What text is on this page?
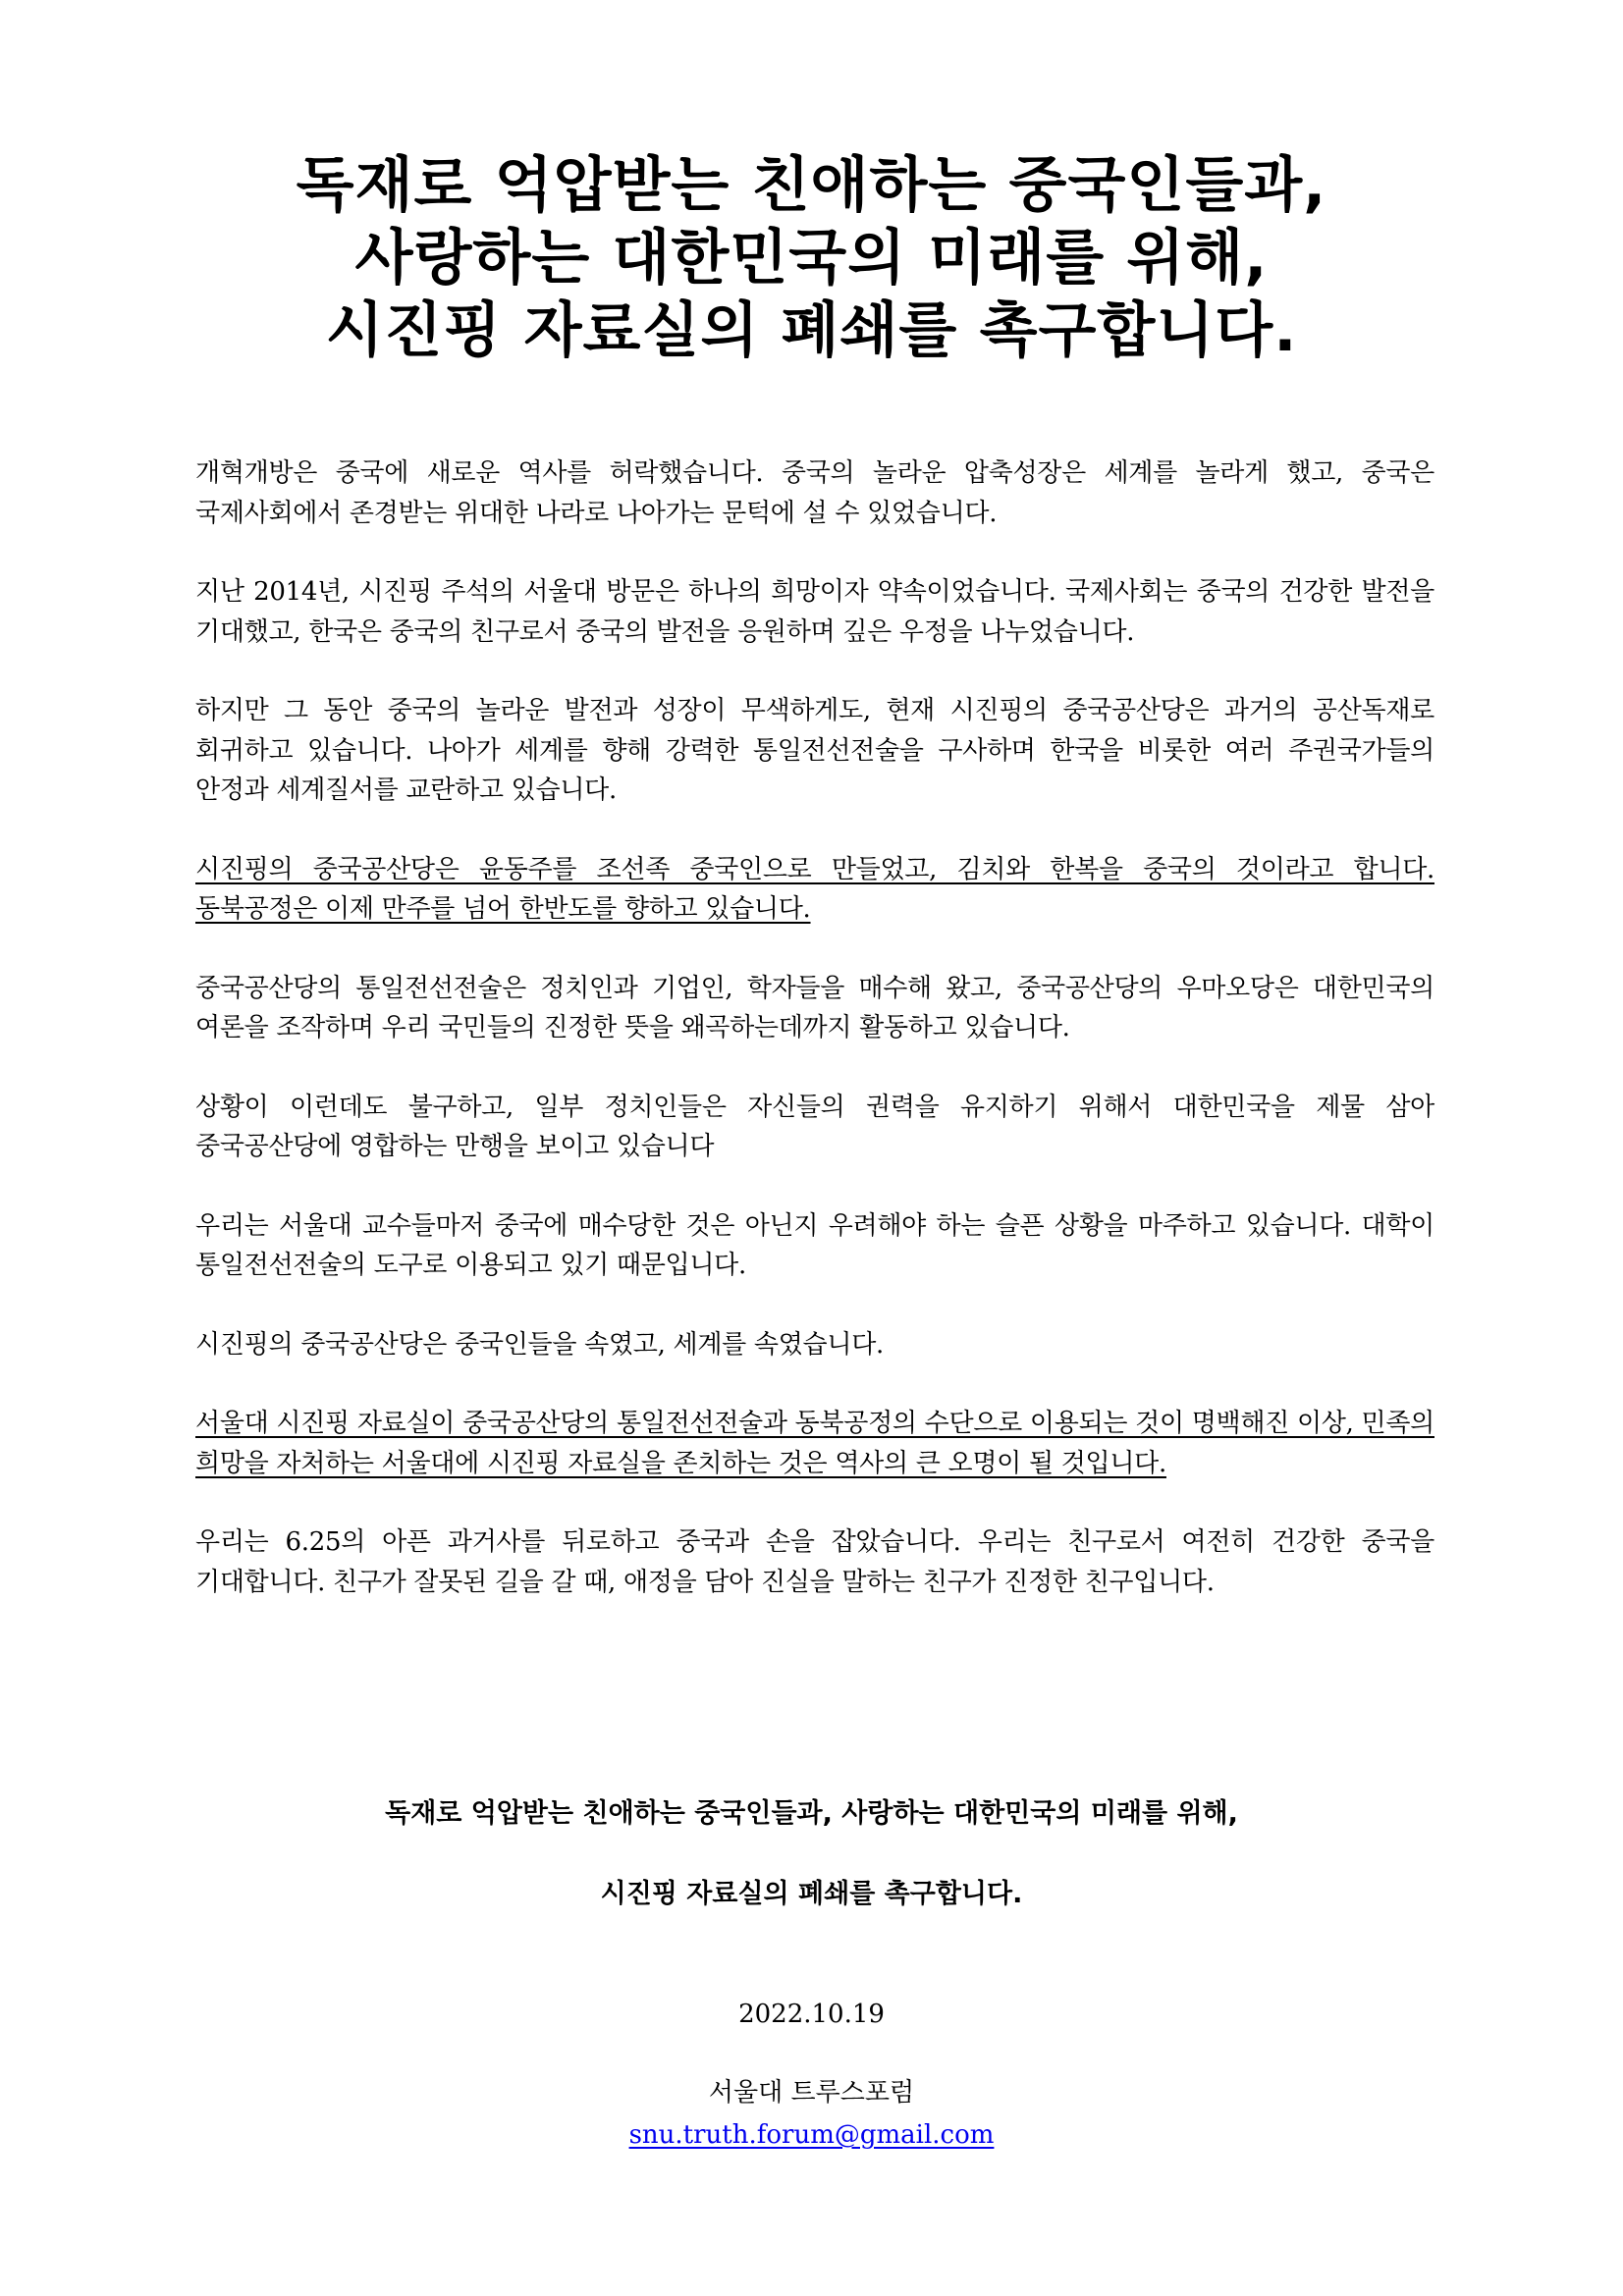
독재로 억압받는 친애하는 중국인들과,
사랑하는 대한민국의 미래를 위해,
시진핑 자료실의 폐쇄를 촉구합니다.

개혁개방은 중국에 새로운 역사를 허락했습니다. 중국의 놀라운 압축성장은 세계를 놀라게 했고, 중국은 국제사회에서 존경받는 위대한 나라로 나아가는 문턱에 설 수 있었습니다.

지난 2014년, 시진핑 주석의 서울대 방문은 하나의 희망이자 약속이었습니다. 국제사회는 중국의 건강한 발전을 기대했고, 한국은 중국의 친구로서 중국의 발전을 응원하며 깊은 우정을 나누었습니다.

하지만 그 동안 중국의 놀라운 발전과 성장이 무색하게도, 현재 시진핑의 중국공산당은 과거의 공산독재로 회귀하고 있습니다. 나아가 세계를 향해 강력한 통일전선전술을 구사하며 한국을 비롯한 여러 주권국가들의 안정과 세계질서를 교란하고 있습니다.

시진핑의 중국공산당은 윤동주를 조선족 중국인으로 만들었고, 김치와 한복을 중국의 것이라고 합니다. 동북공정은 이제 만주를 넘어 한반도를 향하고 있습니다.

중국공산당의 통일전선전술은 정치인과 기업인, 학자들을 매수해 왔고, 중국공산당의 우마오당은 대한민국의 여론을 조작하며 우리 국민들의 진정한 뜻을 왜곡하는데까지 활동하고 있습니다.

상황이 이런데도 불구하고, 일부 정치인들은 자신들의 권력을 유지하기 위해서 대한민국을 제물 삼아 중국공산당에 영합하는 만행을 보이고 있습니다

우리는 서울대 교수들마저 중국에 매수당한 것은 아닌지 우려해야 하는 슬픈 상황을 마주하고 있습니다. 대학이 통일전선전술의 도구로 이용되고 있기 때문입니다.

시진핑의 중국공산당은 중국인들을 속였고, 세계를 속였습니다.

서울대 시진핑 자료실이 중국공산당의 통일전선전술과 동북공정의 수단으로 이용되는 것이 명백해진 이상, 민족의 희망을 자처하는 서울대에 시진핑 자료실을 존치하는 것은 역사의 큰 오명이 될 것입니다.

우리는 6.25의 아픈 과거사를 뒤로하고 중국과 손을 잡았습니다. 우리는 친구로서 여전히 건강한 중국을 기대합니다. 친구가 잘못된 길을 갈 때, 애정을 담아 진실을 말하는 친구가 진정한 친구입니다.

독재로 억압받는 친애하는 중국인들과, 사랑하는 대한민국의 미래를 위해,
시진핑 자료실의 폐쇄를 촉구합니다.
2022.10.19
서울대 트루스포럼
snu.truth.forum@gmail.com
